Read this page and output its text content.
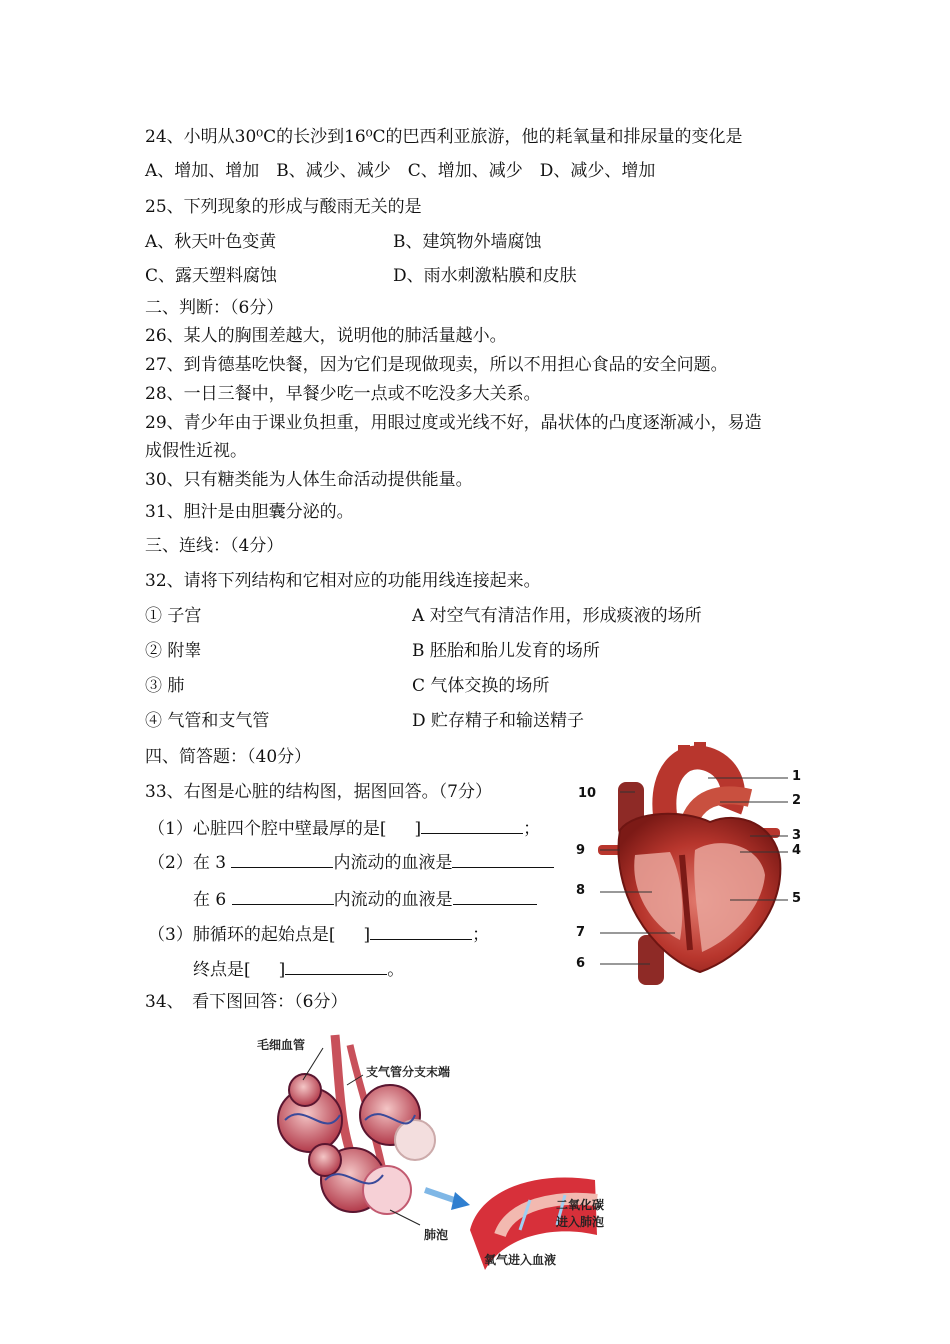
24、小明从30⁰C的长沙到16⁰C的巴西利亚旅游，他的耗氧量和排尿量的变化是
A、增加、增加　B、减少、减少　C、增加、减少　D、减少、增加
25、下列现象的形成与酸雨无关的是
A、秋天叶色变黄	B、建筑物外墙腐蚀
C、露天塑料腐蚀	D、雨水刺激粘膜和皮肤
二、判断：（6分）
26、某人的胸围差越大，说明他的肺活量越小。
27、到肯德基吃快餐，因为它们是现做现卖，所以不用担心食品的安全问题。
28、一日三餐中，早餐少吃一点或不吃没多大关系。
29、青少年由于课业负担重，用眼过度或光线不好，晶状体的凸度逐渐减小，易造
成假性近视。
30、只有糖类能为人体生命活动提供能量。
31、胆汁是由胆囊分泌的。
三、连线：（4分）
32、请将下列结构和它相对应的功能用线连接起来。
① 子宫	A 对空气有清洁作用，形成痰液的场所
② 附睾	B 胚胎和胎儿发育的场所
③ 肺	C 气体交换的场所
④ 气管和支气管	D 贮存精子和输送精子
四、简答题：（40分）
33、右图是心脏的结构图，据图回答。（7分）
（1）心脏四个腔中壁最厚的是[ ]	；
（2）在 3	内流动的血液是
在 6	内流动的血液是
（3）肺循环的起始点是[ ]	；
终点是[ ]	。
34、　看下图回答：（6分）
1
2
3
4
5
6
7
8
9
10
毛细血管
支气管分支末端
肺泡
二氧化碳
进入肺泡
氧气进入血液
